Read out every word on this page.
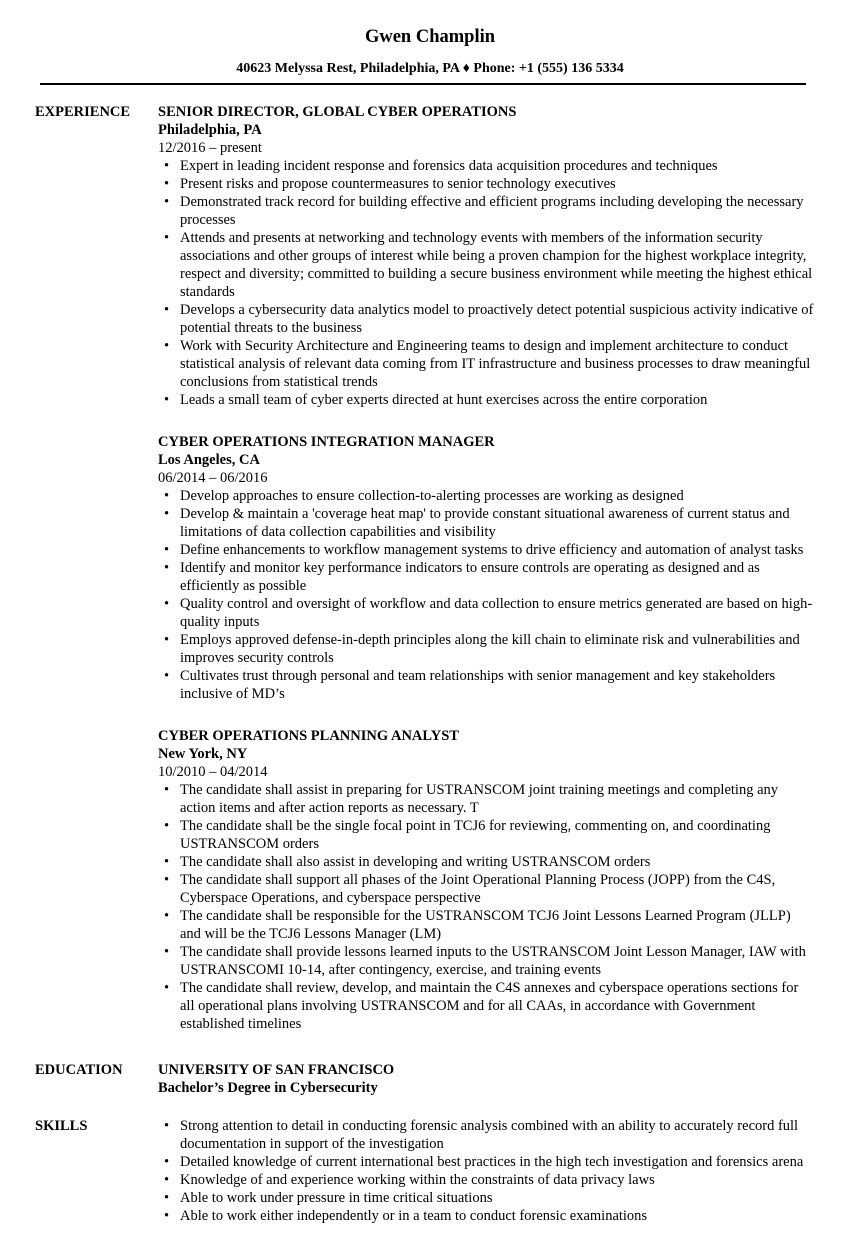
Gwen Champlin
40623 Melyssa Rest, Philadelphia, PA ♦ Phone: +1 (555) 136 5334
EXPERIENCE	SENIOR DIRECTOR, GLOBAL CYBER OPERATIONS
Philadelphia, PA
12/2016 – present
• Expert in leading incident response and forensics data acquisition procedures and techniques
• Present risks and propose countermeasures to senior technology executives
• Demonstrated track record for building effective and efficient programs including developing the necessary processes
• Attends and presents at networking and technology events with members of the information security associations and other groups of interest while being a proven champion for the highest workplace integrity, respect and diversity; committed to building a secure business environment while meeting the highest ethical standards
• Develops a cybersecurity data analytics model to proactively detect potential suspicious activity indicative of potential threats to the business
• Work with Security Architecture and Engineering teams to design and implement architecture to conduct statistical analysis of relevant data coming from IT infrastructure and business processes to draw meaningful conclusions from statistical trends
• Leads a small team of cyber experts directed at hunt exercises across the entire corporation
CYBER OPERATIONS INTEGRATION MANAGER
Los Angeles, CA
06/2014 – 06/2016
• Develop approaches to ensure collection-to-alerting processes are working as designed
• Develop & maintain a 'coverage heat map' to provide constant situational awareness of current status and limitations of data collection capabilities and visibility
• Define enhancements to workflow management systems to drive efficiency and automation of analyst tasks
• Identify and monitor key performance indicators to ensure controls are operating as designed and as efficiently as possible
• Quality control and oversight of workflow and data collection to ensure metrics generated are based on high-quality inputs
• Employs approved defense-in-depth principles along the kill chain to eliminate risk and vulnerabilities and improves security controls
• Cultivates trust through personal and team relationships with senior management and key stakeholders inclusive of MD’s
CYBER OPERATIONS PLANNING ANALYST
New York, NY
10/2010 – 04/2014
• The candidate shall assist in preparing for USTRANSCOM joint training meetings and completing any action items and after action reports as necessary. T
• The candidate shall be the single focal point in TCJ6 for reviewing, commenting on, and coordinating USTRANSCOM orders
• The candidate shall also assist in developing and writing USTRANSCOM orders
• The candidate shall support all phases of the Joint Operational Planning Process (JOPP) from the C4S, Cyberspace Operations, and cyberspace perspective
• The candidate shall be responsible for the USTRANSCOM TCJ6 Joint Lessons Learned Program (JLLP) and will be the TCJ6 Lessons Manager (LM)
• The candidate shall provide lessons learned inputs to the USTRANSCOM Joint Lesson Manager, IAW with USTRANSCOMI 10-14, after contingency, exercise, and training events
• The candidate shall review, develop, and maintain the C4S annexes and cyberspace operations sections for all operational plans involving USTRANSCOM and for all CAAs, in accordance with Government established timelines
EDUCATION	UNIVERSITY OF SAN FRANCISCO
Bachelor’s Degree in Cybersecurity
SKILLS
•	Strong attention to detail in conducting forensic analysis combined with an ability to accurately record full documentation in support of the investigation
• Detailed knowledge of current international best practices in the high tech investigation and forensics arena
• Knowledge of and experience working within the constraints of data privacy laws
• Able to work under pressure in time critical situations
• Able to work either independently or in a team to conduct forensic examinations
